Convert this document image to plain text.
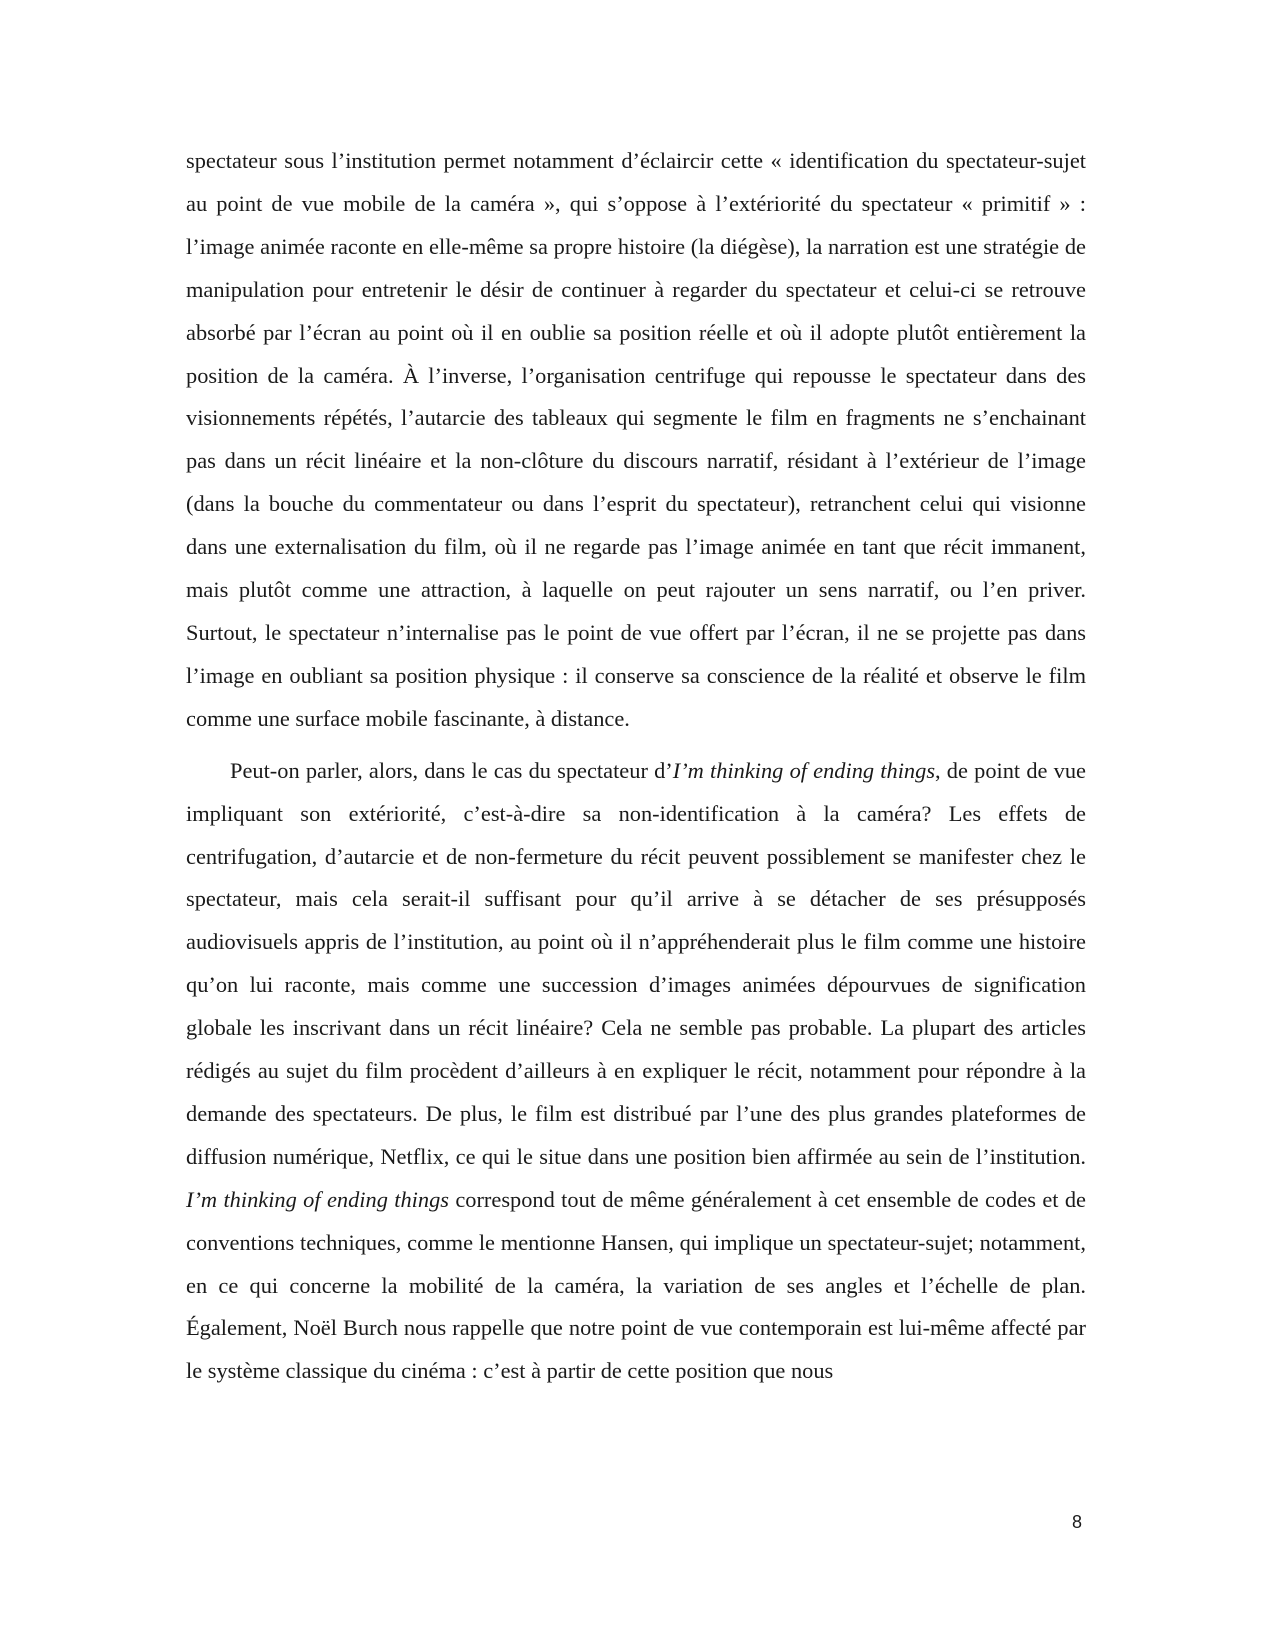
spectateur sous l’institution permet notamment d’éclaircir cette « identification du spectateur-sujet au point de vue mobile de la caméra », qui s’oppose à l’extériorité du spectateur « primitif » : l’image animée raconte en elle-même sa propre histoire (la diégèse), la narration est une stratégie de manipulation pour entretenir le désir de continuer à regarder du spectateur et celui-ci se retrouve absorbé par l’écran au point où il en oublie sa position réelle et où il adopte plutôt entièrement la position de la caméra. À l’inverse, l’organisation centrifuge qui repousse le spectateur dans des visionnements répétés, l’autarcie des tableaux qui segmente le film en fragments ne s’enchainant pas dans un récit linéaire et la non-clôture du discours narratif, résidant à l’extérieur de l’image (dans la bouche du commentateur ou dans l’esprit du spectateur), retranchent celui qui visionne dans une externalisation du film, où il ne regarde pas l’image animée en tant que récit immanent, mais plutôt comme une attraction, à laquelle on peut rajouter un sens narratif, ou l’en priver. Surtout, le spectateur n’internalise pas le point de vue offert par l’écran, il ne se projette pas dans l’image en oubliant sa position physique : il conserve sa conscience de la réalité et observe le film comme une surface mobile fascinante, à distance.

Peut-on parler, alors, dans le cas du spectateur d’I’m thinking of ending things, de point de vue impliquant son extériorité, c’est-à-dire sa non-identification à la caméra? Les effets de centrifugation, d’autarcie et de non-fermeture du récit peuvent possiblement se manifester chez le spectateur, mais cela serait-il suffisant pour qu’il arrive à se détacher de ses présupposés audiovisuels appris de l’institution, au point où il n’appréhenderait plus le film comme une histoire qu’on lui raconte, mais comme une succession d’images animées dépourvues de signification globale les inscrivant dans un récit linéaire? Cela ne semble pas probable. La plupart des articles rédigés au sujet du film procèdent d’ailleurs à en expliquer le récit, notamment pour répondre à la demande des spectateurs. De plus, le film est distribué par l’une des plus grandes plateformes de diffusion numérique, Netflix, ce qui le situe dans une position bien affirmée au sein de l’institution. I’m thinking of ending things correspond tout de même généralement à cet ensemble de codes et de conventions techniques, comme le mentionne Hansen, qui implique un spectateur-sujet; notamment, en ce qui concerne la mobilité de la caméra, la variation de ses angles et l’échelle de plan. Également, Noël Burch nous rappelle que notre point de vue contemporain est lui-même affecté par le système classique du cinéma : c’est à partir de cette position que nous

8
